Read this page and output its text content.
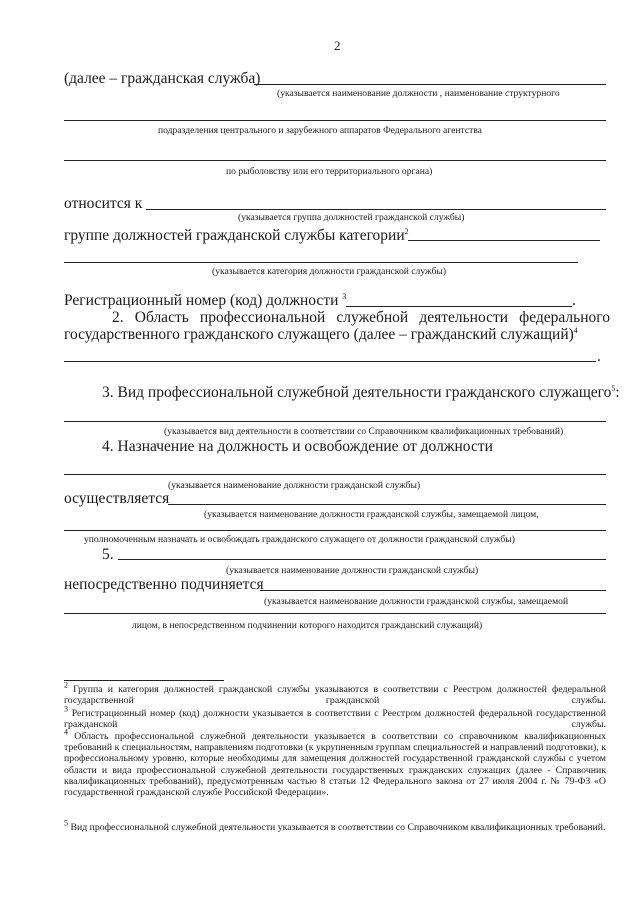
2
(далее – гражданская служба)
(указывается наименование должности , наименование структурного
подразделения центрального и зарубежного аппаратов Федерального агентства
по рыболовству или его территориального органа)
относится к
(указывается группа должностей гражданской службы)
группе должностей гражданской службы категории$^2$
(указывается категория должности гражданской службы)
Регистрационный номер (код) должности $^3$	.
2. Область профессиональной служебной деятельности федерального
государственного гражданского служащего (далее – гражданский служащий)$^4$
.
3. Вид профессиональной служебной деятельности гражданского служащего$^5$:
(указывается вид деятельности в соответствии со Справочником квалификационных требований)
4. Назначение на должность и освобождение от должности
(указывается наименование должности гражданской службы)
осуществляется
(указывается наименование должности гражданской службы, замещаемой лицом,
уполномоченным назначать и освобождать гражданского служащего от должности гражданской службы)
5.
(указывается наименование должности гражданской службы)
непосредственно подчиняется
(указывается наименование должности гражданской службы, замещаемой
лицом, в непосредственном подчинении которого находится гражданский служащий)
$^2$ Группа и категория должностей гражданской службы указываются в соответствии с Реестром должностей федеральной государственной гражданской службы.
$^3$ Регистрационный номер (код) должности указывается в соответствии с Реестром должностей федеральной государственной гражданской службы.
$^4$ Область профессиональной служебной деятельности указывается в соответствии со справочником квалификационных требований к специальностям, направлениям подготовки (к укрупненным группам специальностей и направлений подготовки), к профессиональному уровню, которые необходимы для замещения должностей государственной гражданской службы с учетом области и вида профессиональной служебной деятельности государственных гражданских служащих (далее - Справочник квалификационных требований), предусмотренным частью 8 статьи 12 Федерального закона от 27 июля 2004 г. № 79-ФЗ «О государственной гражданской службе Российской Федерации».
$^5$ Вид профессиональной служебной деятельности указывается в соответствии со Справочником квалификационных требований.
